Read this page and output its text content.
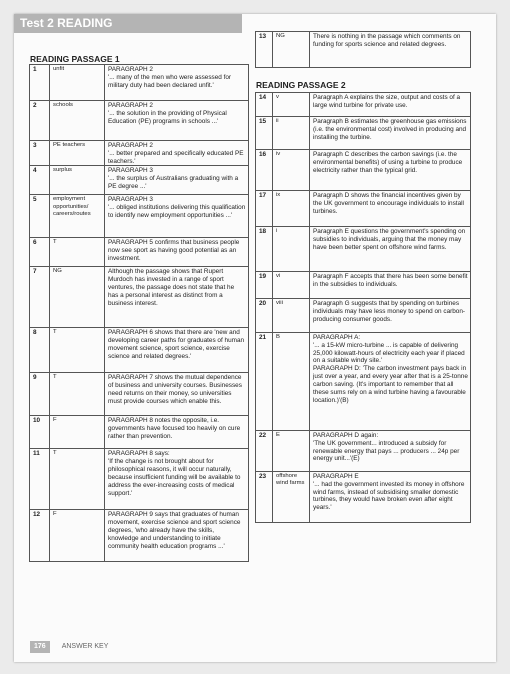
Test 2 READING
READING PASSAGE 1
READING PASSAGE 2
13	NG	There is nothing in the passage which comments on funding for sports science and related degrees.
1	unfit	PARAGRAPH 2
'... many of the men who were assessed for military duty had been declared unfit.'
2	schools	PARAGRAPH 2
'... the solution in the providing of Physical Education (PE) programs in schools ...'
3	PE teachers	PARAGRAPH 2
'... better prepared and specifically educated PE teachers.'
4	surplus	PARAGRAPH 3
'... the surplus of Australians graduating with a PE degree ...'
5	employment opportunities/ careers/routes	PARAGRAPH 3
'... obliged institutions delivering this qualification to identify new employment opportunities ...'
6	T	PARAGRAPH 5 confirms that business people now see sport as having good potential as an investment.
7	NG	Although the passage shows that Rupert Murdoch has invested in a range of sport ventures, the passage does not state that he has a personal interest as distinct from a business interest.
8	T	PARAGRAPH 6 shows that there are 'new and developing career paths for graduates of human movement science, sport science, exercise science and related degrees.'
9	T	PARAGRAPH 7 shows the mutual dependence of business and university courses. Businesses need returns on their money, so universities must provide courses which enable this.
10	F	PARAGRAPH 8 notes the opposite, i.e. governments have focused too heavily on cure rather than prevention.
11	T	PARAGRAPH 8 says:
'If the change is not brought about for philosophical reasons, it will occur naturally, because insufficient funding will be available to address the ever-increasing costs of medical support.'
12	F	PARAGRAPH 9 says that graduates of human movement, exercise science and sport science degrees, 'who already have the skills, knowledge and understanding to initiate community health education programs ...'
14	v	Paragraph A explains the size, output and costs of a large wind turbine for private use.
15	ii	Paragraph B estimates the greenhouse gas emissions (i.e. the environmental cost) involved in producing and installing the turbine.
16	iv	Paragraph C describes the carbon savings (i.e. the environmental benefits) of using a turbine to produce electricity rather than the typical grid.
17	ix	Paragraph D shows the financial incentives given by the UK government to encourage individuals to install turbines.
18	i	Paragraph E questions the government's spending on subsidies to individuals, arguing that the money may have been better spent on offshore wind farms.
19	vi	Paragraph F accepts that there has been some benefit in the subsidies to individuals.
20	viii	Paragraph G suggests that by spending on turbines individuals may have less money to spend on carbon-producing consumer goods.
21	B	PARAGRAPH A:
'... a 15-kW micro-turbine ... is capable of delivering 25,000 kilowatt-hours of electricity each year if placed on a suitable windy site.'
PARAGRAPH D: 'The carbon investment pays back in just over a year, and every year after that is a 25-tonne carbon saving. (It's important to remember that all these sums rely on a wind turbine having a favourable location.)'(B)
22	E	PARAGRAPH D again:
'The UK government... introduced a subsidy for renewable energy that pays ... producers ... 24p per energy unit...'(E)
23	offshore wind farms	PARAGRAPH E
'... had the government invested its money in offshore wind farms, instead of subsidising smaller domestic turbines, they would have broken even after eight years.'
176 ANSWER KEY
